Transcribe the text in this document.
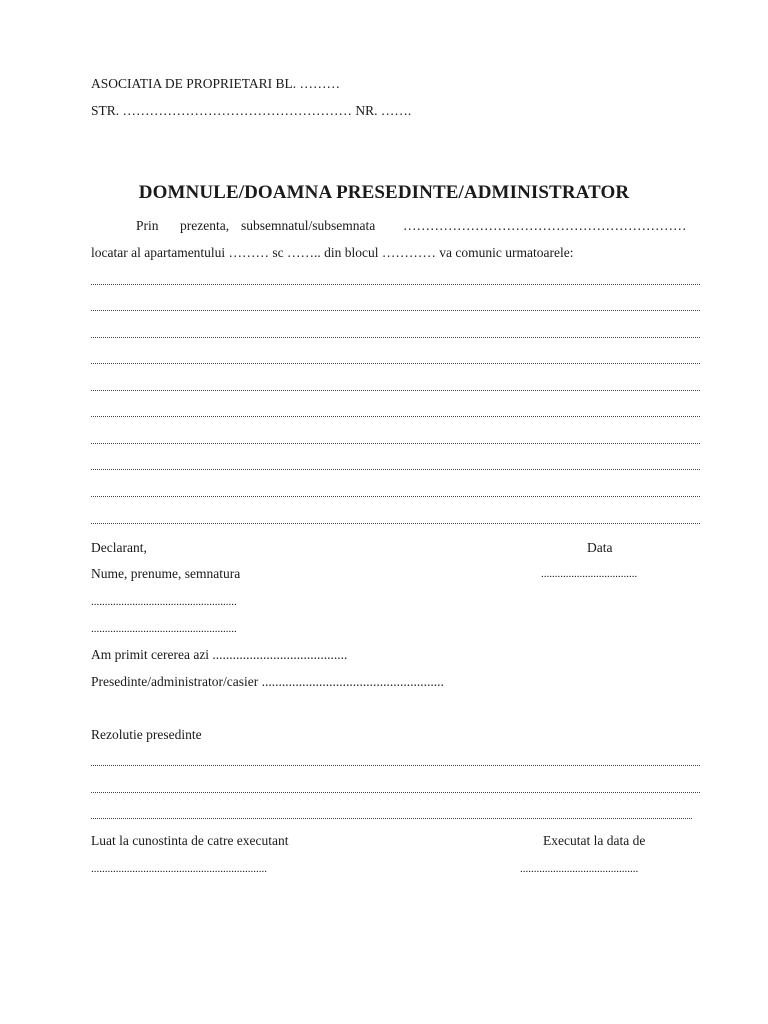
ASOCIATIA DE PROPRIETARI BL. ………
STR. …………………………………………… NR. …….
DOMNULE/DOAMNA PRESEDINTE/ADMINISTRATOR
Prin prezenta, subsemnatul/subsemnata ………………………………………………………
locatar al apartamentului ……… sc …….. din blocul ………… va comunic urmatoarele:
Declarant,	Data
Nume, prenume, semnatura	...................................
.....................................................
.....................................................
Am primit cererea azi ........................................
Presedinte/administrator/casier ......................................................
Rezolutie presedinte
Luat la cunostinta de catre executant	Executat la data de
................................................................	...........................................
